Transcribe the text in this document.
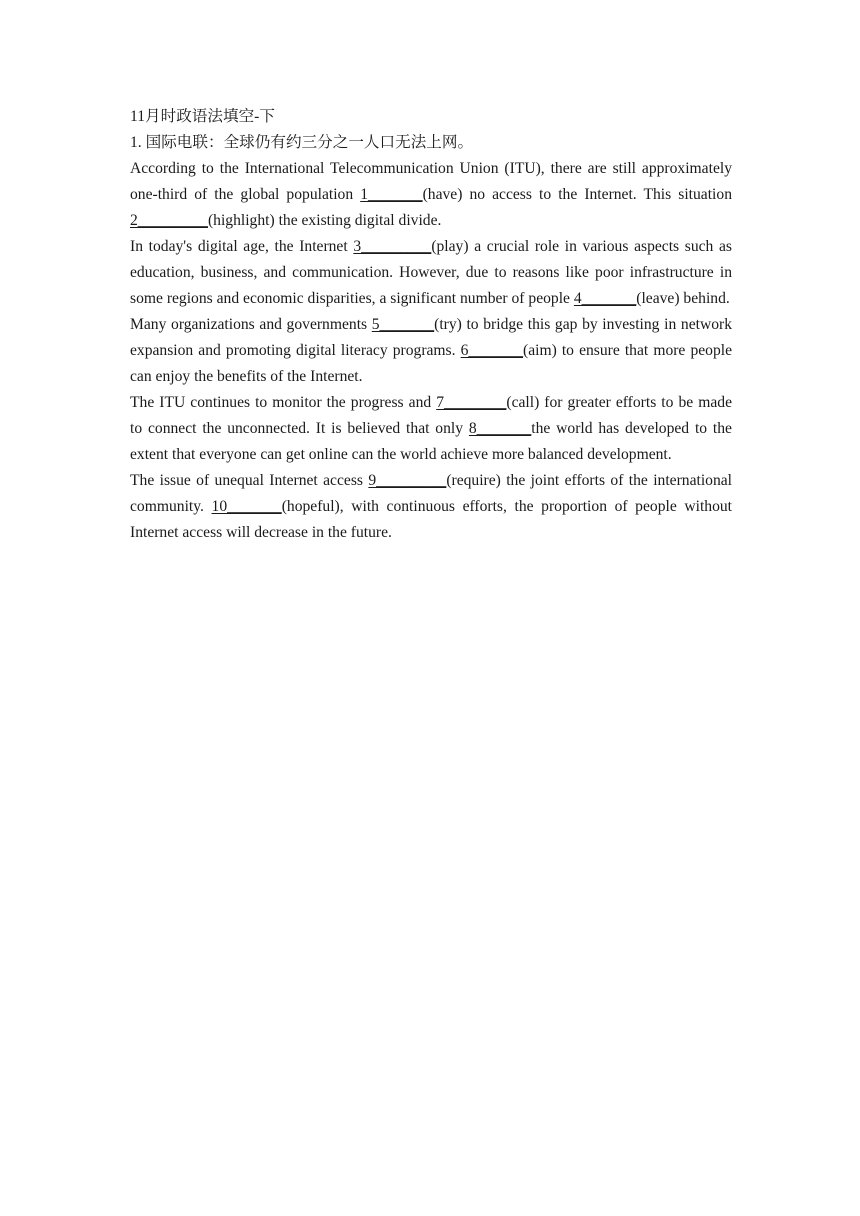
11月时政语法填空-下

1. 国际电联：全球仍有约三分之一人口无法上网。

According to the International Telecommunication Union (ITU), there are still approximately one-third of the global population 1_______(have) no access to the Internet. This situation 2_________(highlight) the existing digital divide.

In today's digital age, the Internet 3_________(play) a crucial role in various aspects such as education, business, and communication. However, due to reasons like poor infrastructure in some regions and economic disparities, a significant number of people 4_______(leave) behind.

Many organizations and governments 5_______(try) to bridge this gap by investing in network expansion and promoting digital literacy programs. 6_______(aim) to ensure that more people can enjoy the benefits of the Internet.

The ITU continues to monitor the progress and 7________(call) for greater efforts to be made to connect the unconnected. It is believed that only 8_______the world has developed to the extent that everyone can get online can the world achieve more balanced development.

The issue of unequal Internet access 9_________(require) the joint efforts of the international community. 10_______(hopeful), with continuous efforts, the proportion of people without Internet access will decrease in the future.
